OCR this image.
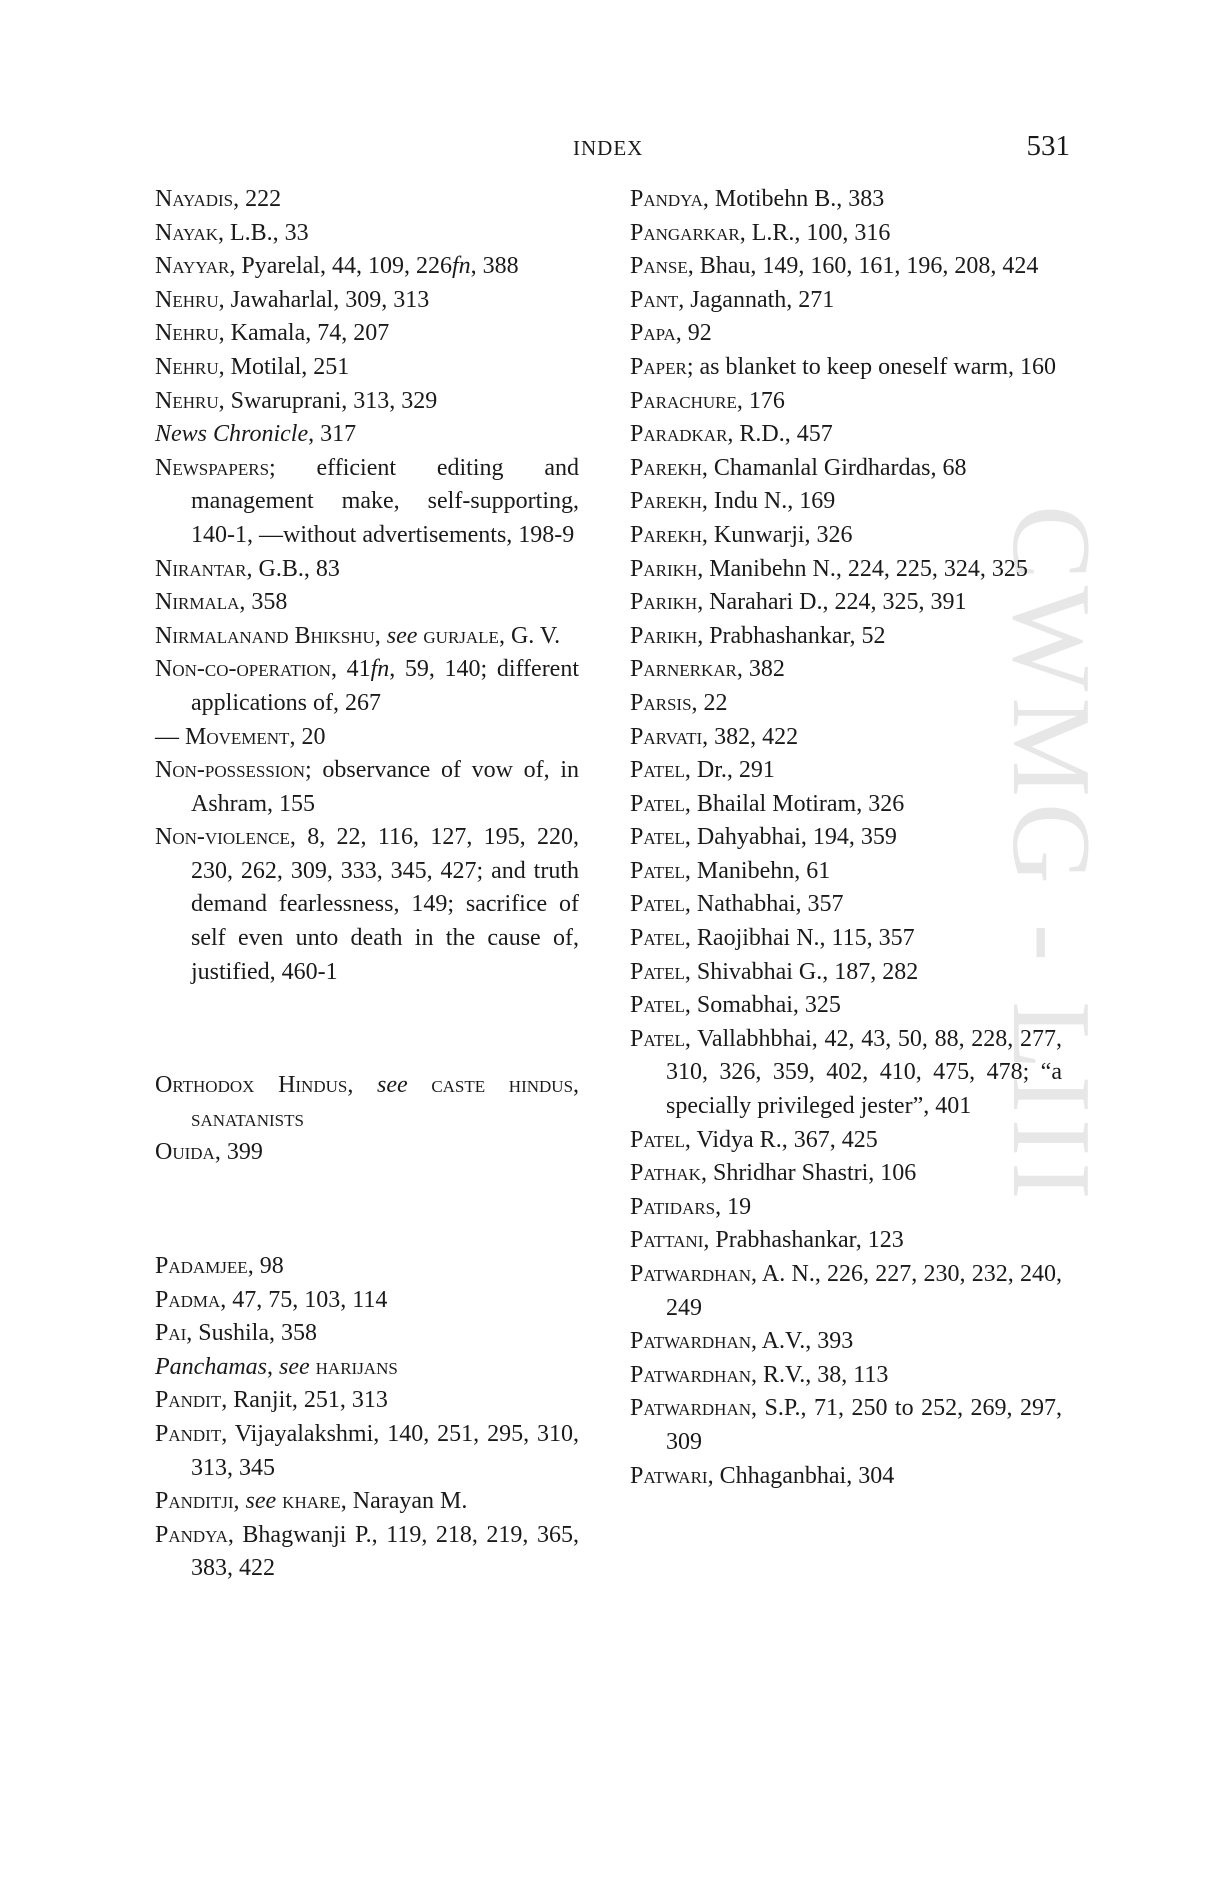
INDEX	531
CWMG - LIII
Nayadis, 222
Nayak, L.B., 33
Nayyar, Pyarelal, 44, 109, 226fn, 388
Nehru, Jawaharlal, 309, 313
Nehru, Kamala, 74, 207
Nehru, Motilal, 251
Nehru, Swaruprani, 313, 329
News Chronicle, 317
Newspapers; efficient editing and management make, self-supporting, 140-1, —without advertisements, 198-9
Nirantar, G.B., 83
Nirmala, 358
Nirmalanand Bhikshu, see gurjale, G. V.
Non-co-operation, 41fn, 59, 140; different applications of, 267
— Movement, 20
Non-possession; observance of vow of, in Ashram, 155
Non-violence, 8, 22, 116, 127, 195, 220, 230, 262, 309, 333, 345, 427; and truth demand fearlessness, 149; sacrifice of self even unto death in the cause of, justified, 460-1
Orthodox Hindus, see caste hindus, sanatanists
Ouida, 399
Padamjee, 98
Padma, 47, 75, 103, 114
Pai, Sushila, 358
Panchamas, see harijans
Pandit, Ranjit, 251, 313
Pandit, Vijayalakshmi, 140, 251, 295, 310, 313, 345
Panditji, see khare, Narayan M.
Pandya, Bhagwanji P., 119, 218, 219, 365, 383, 422
Pandya, Motibehn B., 383
Pangarkar, L.R., 100, 316
Panse, Bhau, 149, 160, 161, 196, 208, 424
Pant, Jagannath, 271
Papa, 92
Paper; as blanket to keep oneself warm, 160
Parachure, 176
Paradkar, R.D., 457
Parekh, Chamanlal Girdhardas, 68
Parekh, Indu N., 169
Parekh, Kunwarji, 326
Parikh, Manibehn N., 224, 225, 324, 325
Parikh, Narahari D., 224, 325, 391
Parikh, Prabhashankar, 52
Parnerkar, 382
Parsis, 22
Parvati, 382, 422
Patel, Dr., 291
Patel, Bhailal Motiram, 326
Patel, Dahyabhai, 194, 359
Patel, Manibehn, 61
Patel, Nathabhai, 357
Patel, Raojibhai N., 115, 357
Patel, Shivabhai G., 187, 282
Patel, Somabhai, 325
Patel, Vallabhbhai, 42, 43, 50, 88, 228, 277, 310, 326, 359, 402, 410, 475, 478; “a specially privileged jester”, 401
Patel, Vidya R., 367, 425
Pathak, Shridhar Shastri, 106
Patidars, 19
Pattani, Prabhashankar, 123
Patwardhan, A. N., 226, 227, 230, 232, 240, 249
Patwardhan, A.V., 393
Patwardhan, R.V., 38, 113
Patwardhan, S.P., 71, 250 to 252, 269, 297, 309
Patwari, Chhaganbhai, 304
